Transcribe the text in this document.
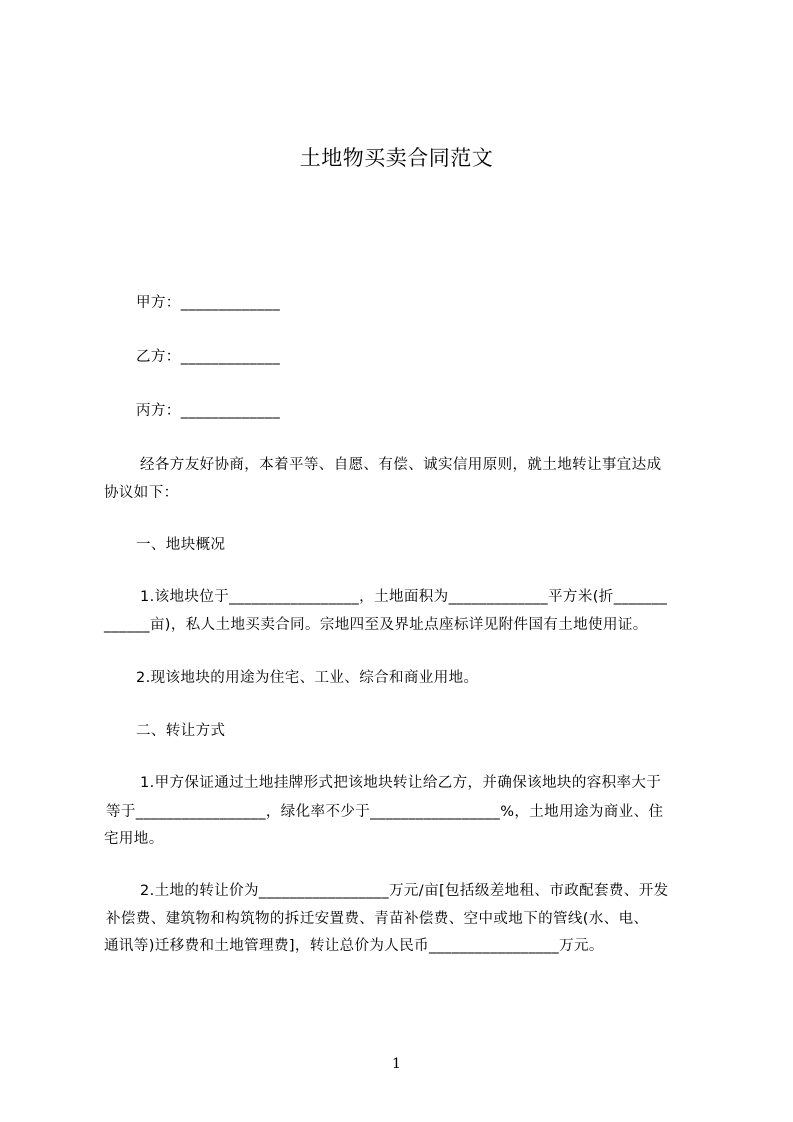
土地物买卖合同范文
甲方：_____________
乙方：_____________
丙方：_____________
经各方友好协商，本着平等、自愿、有偿、诚实信用原则，就土地转让事宜达成
协议如下：
一、地块概况
1.该地块位于_________________，土地面积为_____________平方米(折_______
______亩)，私人土地买卖合同。宗地四至及界址点座标详见附件国有土地使用证。
2.现该地块的用途为住宅、工业、综合和商业用地。
二、转让方式
1.甲方保证通过土地挂牌形式把该地块转让给乙方，并确保该地块的容积率大于
等于_________________，绿化率不少于_________________%，土地用途为商业、住
宅用地。
2.土地的转让价为_________________万元/亩[包括级差地租、市政配套费、开发
补偿费、建筑物和构筑物的拆迁安置费、青苗补偿费、空中或地下的管线(水、电、
通讯等)迁移费和土地管理费]，转让总价为人民币_________________万元。
1
